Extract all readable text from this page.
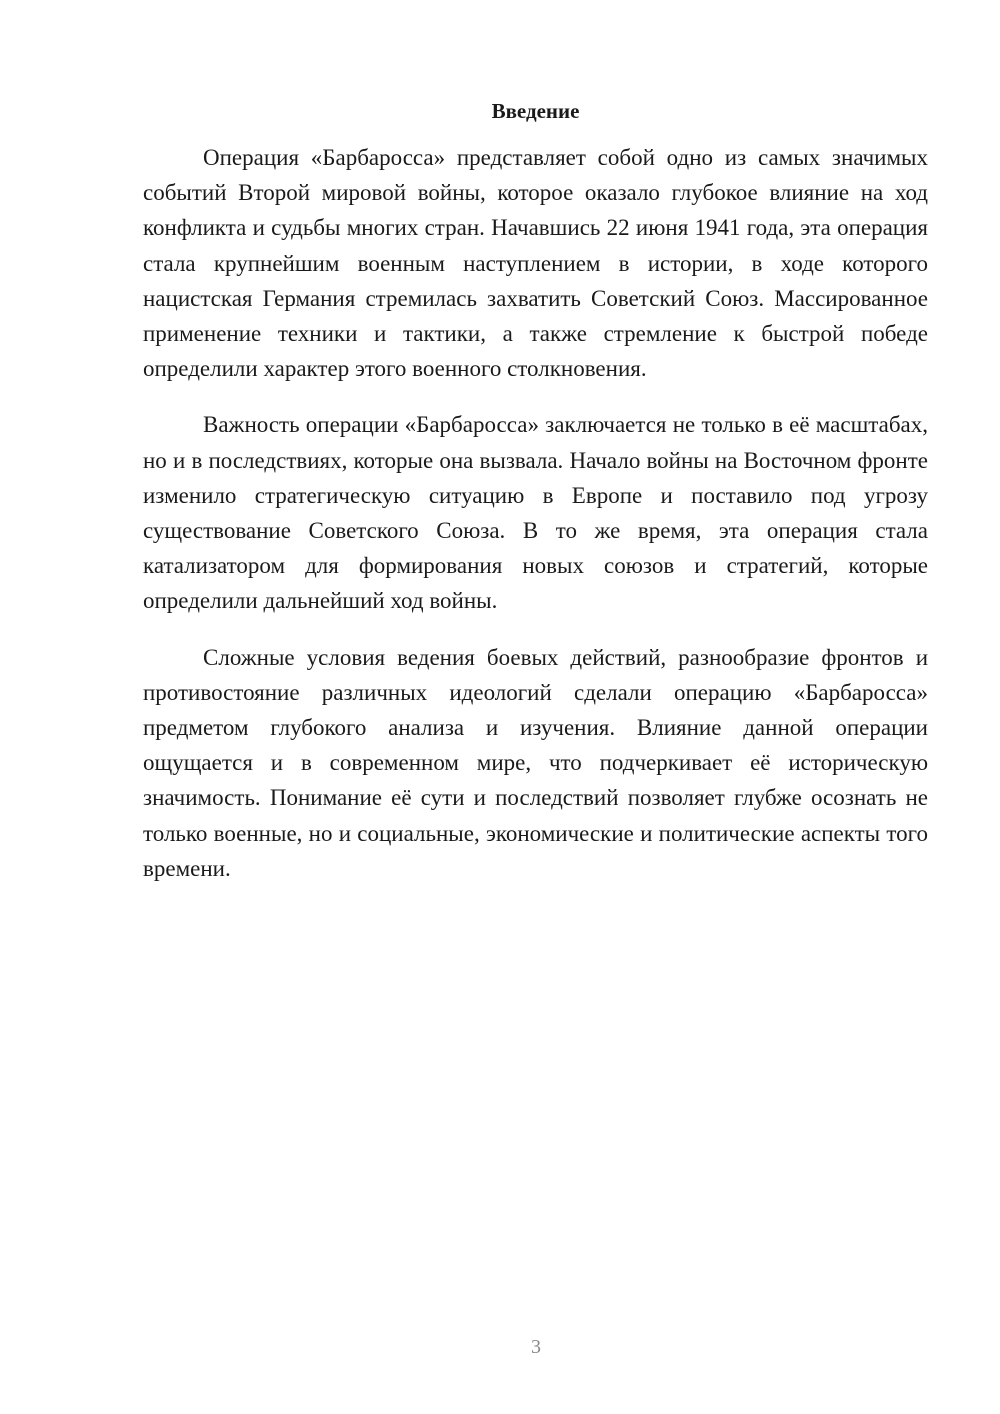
Введение

Операция «Барбаросса» представляет собой одно из самых значимых событий Второй мировой войны, которое оказало глубокое влияние на ход конфликта и судьбы многих стран. Начавшись 22 июня 1941 года, эта операция стала крупнейшим военным наступлением в истории, в ходе которого нацистская Германия стремилась захватить Советский Союз. Массированное применение техники и тактики, а также стремление к быстрой победе определили характер этого военного столкновения.

Важность операции «Барбаросса» заключается не только в её масштабах, но и в последствиях, которые она вызвала. Начало войны на Восточном фронте изменило стратегическую ситуацию в Европе и поставило под угрозу существование Советского Союза. В то же время, эта операция стала катализатором для формирования новых союзов и стратегий, которые определили дальнейший ход войны.

Сложные условия ведения боевых действий, разнообразие фронтов и противостояние различных идеологий сделали операцию «Барбаросса» предметом глубокого анализа и изучения. Влияние данной операции ощущается и в современном мире, что подчеркивает её историческую значимость. Понимание её сути и последствий позволяет глубже осознать не только военные, но и социальные, экономические и политические аспекты того времени.

3
